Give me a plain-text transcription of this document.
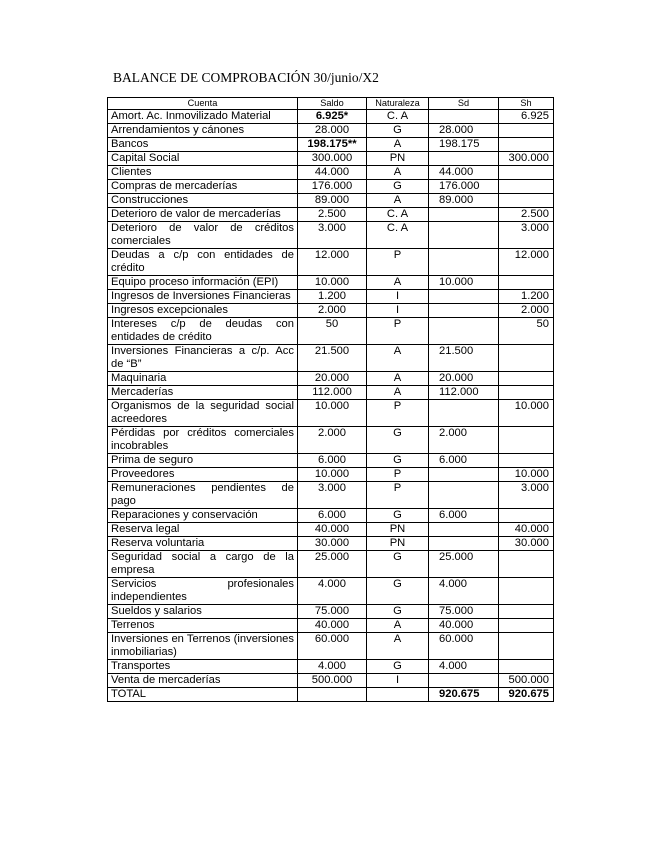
BALANCE DE COMPROBACIÓN 30/junio/X2
Cuenta	Saldo	Naturaleza	Sd	Sh
Amort. Ac. Inmovilizado Material	6.925*	C. A		6.925
Arrendamientos y cánones	28.000	G	28.000	
Bancos	198.175**	A	198.175	
Capital Social	300.000	PN		300.000
Clientes	44.000	A	44.000	
Compras de mercaderías	176.000	G	176.000	
Construcciones	89.000	A	89.000	
Deterioro de valor de mercaderías	2.500	C. A		2.500
Deterioro de valor de créditos comerciales	3.000	C. A		3.000
Deudas a c/p con entidades de crédito	12.000	P		12.000
Equipo proceso información (EPI)	10.000	A	10.000	
Ingresos de Inversiones Financieras	1.200	I		1.200
Ingresos excepcionales	2.000	I		2.000
Intereses c/p de deudas con entidades de crédito	50	P		50
Inversiones Financieras a c/p. Acc de “B”	21.500	A	21.500	
Maquinaria	20.000	A	20.000	
Mercaderías	112.000	A	112.000	
Organismos de la seguridad social acreedores	10.000	P		10.000
Pérdidas por créditos comerciales incobrables	2.000	G	2.000	
Prima de seguro	6.000	G	6.000	
Proveedores	10.000	P		10.000
Remuneraciones pendientes de pago	3.000	P		3.000
Reparaciones y conservación	6.000	G	6.000	
Reserva legal	40.000	PN		40.000
Reserva voluntaria	30.000	PN		30.000
Seguridad social a cargo de la empresa	25.000	G	25.000	
Servicios profesionales independientes	4.000	G	4.000	
Sueldos y salarios	75.000	G	75.000	
Terrenos	40.000	A	40.000	
Inversiones en Terrenos (inversiones inmobiliarias)	60.000	A	60.000	
Transportes	4.000	G	4.000	
Venta de mercaderías	500.000	I		500.000
TOTAL			920.675	920.675
